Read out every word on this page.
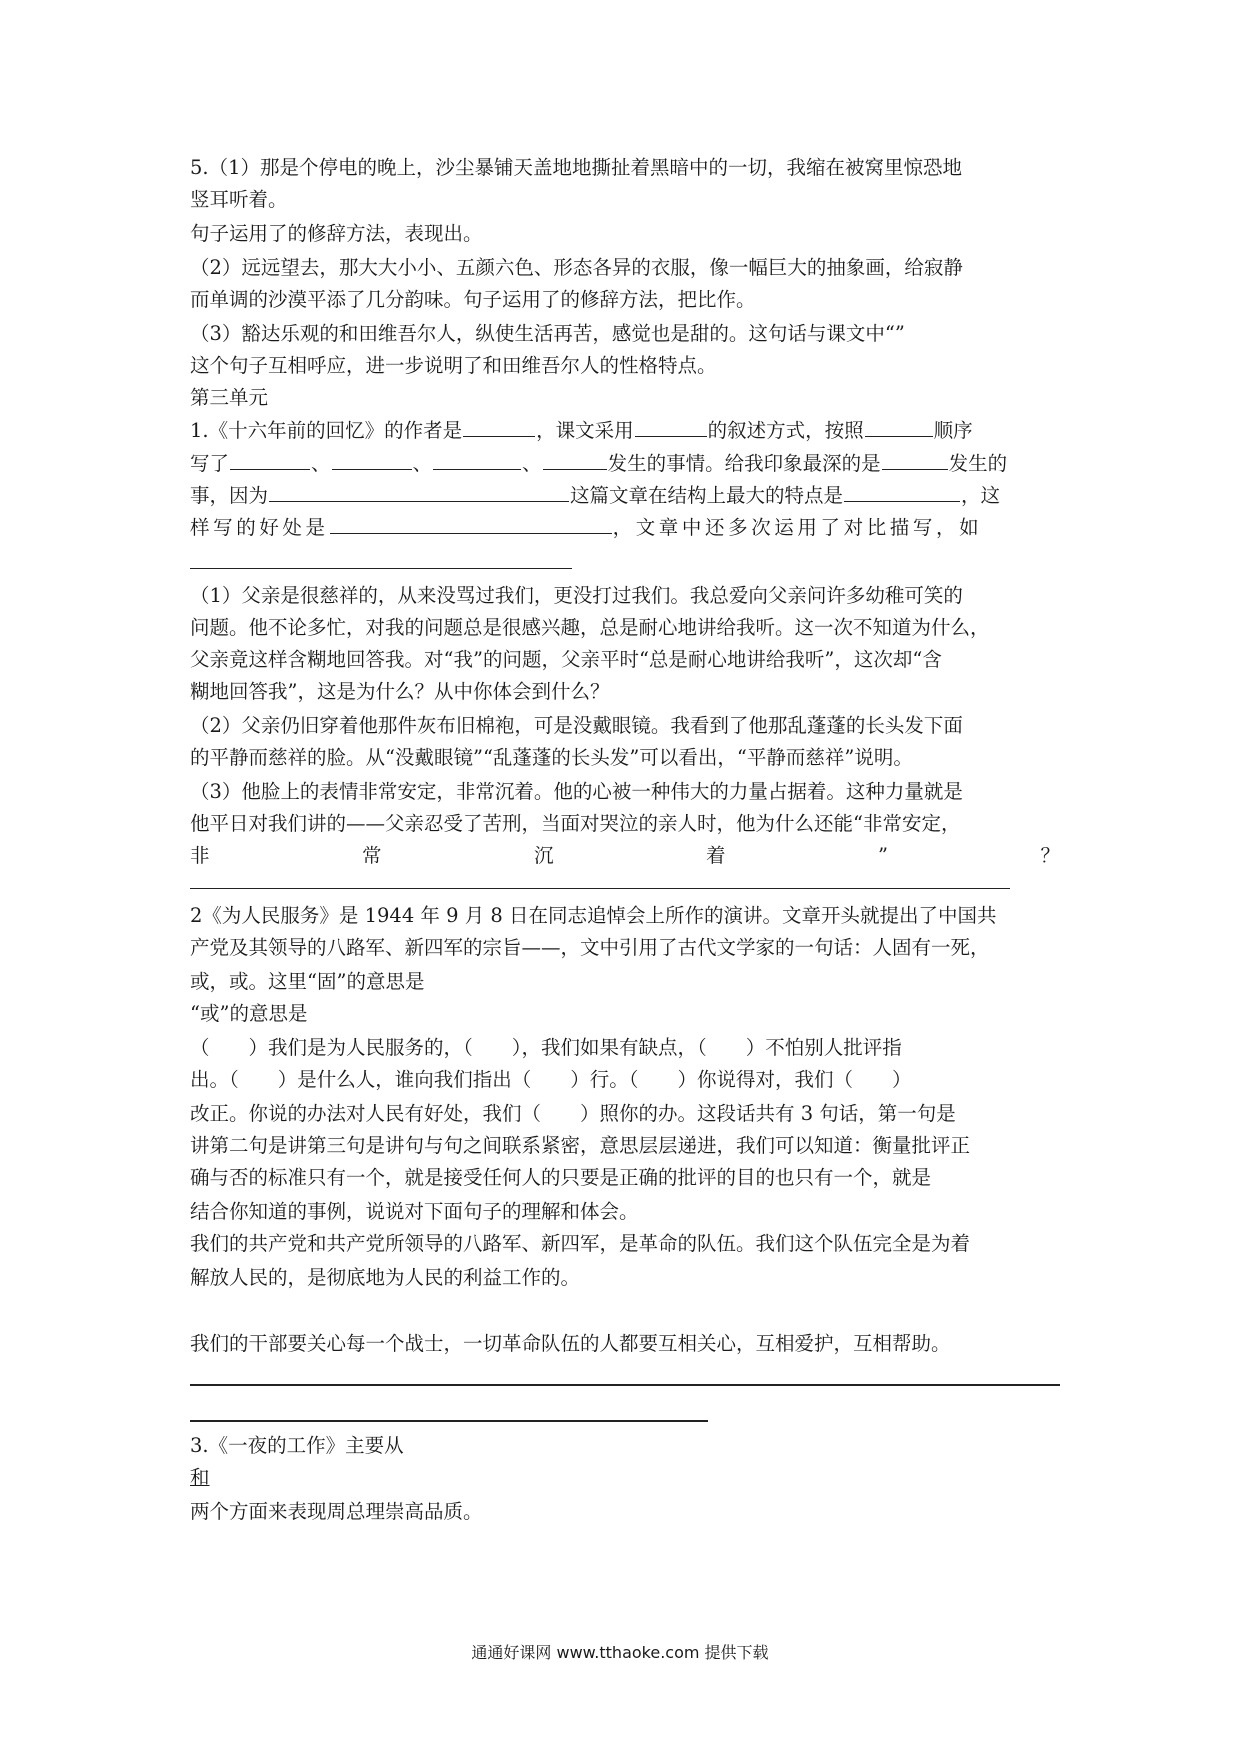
5.（1）那是个停电的晚上，沙尘暴铺天盖地地撕扯着黑暗中的一切，我缩在被窝里惊恐地
竖耳听着。
句子运用了的修辞方法，表现出。
（2）远远望去，那大大小小、五颜六色、形态各异的衣服，像一幅巨大的抽象画，给寂静
而单调的沙漠平添了几分韵味。句子运用了的修辞方法，把比作。
（3）豁达乐观的和田维吾尔人，纵使生活再苦，感觉也是甜的。这句话与课文中“”
这个句子互相呼应，进一步说明了和田维吾尔人的性格特点。
第三单元
1.《十六年前的回忆》的作者是	，课文采用	的叙述方式，按照	顺序
写了	、	、	、	发生的事情。给我印象最深的是	发生的
事，因为	这篇文章在结构上最大的特点是	，这
样写的好处是	，文章中还多次运用了对比描写，如
（1）父亲是很慈祥的，从来没骂过我们，更没打过我们。我总爱向父亲问许多幼稚可笑的
问题。他不论多忙，对我的问题总是很感兴趣，总是耐心地讲给我听。这一次不知道为什么，
父亲竟这样含糊地回答我。对“我”的问题，父亲平时“总是耐心地讲给我听”，这次却“含
糊地回答我”，这是为什么？从中你体会到什么？
（2）父亲仍旧穿着他那件灰布旧棉袍，可是没戴眼镜。我看到了他那乱蓬蓬的长头发下面
的平静而慈祥的脸。从“没戴眼镜”“乱蓬蓬的长头发”可以看出，“平静而慈祥”说明。
（3）他脸上的表情非常安定，非常沉着。他的心被一种伟大的力量占据着。这种力量就是
他平日对我们讲的——父亲忍受了苦刑，当面对哭泣的亲人时，他为什么还能“非常安定，
非常沉着”？
2《为人民服务》是 1944 年 9 月 8 日在同志追悼会上所作的演讲。文章开头就提出了中国共
产党及其领导的八路军、新四军的宗旨——，文中引用了古代文学家的一句话：人固有一死，
或，或。这里“固”的意思是
“或”的意思是
（　　）我们是为人民服务的，（　　），我们如果有缺点，（　　）不怕别人批评指
出。（　　）是什么人，谁向我们指出（　　）行。（　　）你说得对，我们（　　）
改正。你说的办法对人民有好处，我们（　　）照你的办。这段话共有 3 句话，第一句是
讲第二句是讲第三句是讲句与句之间联系紧密，意思层层递进，我们可以知道：衡量批评正
确与否的标准只有一个，就是接受任何人的只要是正确的批评的目的也只有一个，就是
结合你知道的事例，说说对下面句子的理解和体会。
我们的共产党和共产党所领导的八路军、新四军，是革命的队伍。我们这个队伍完全是为着
解放人民的，是彻底地为人民的利益工作的。
我们的干部要关心每一个战士，一切革命队伍的人都要互相关心，互相爱护，互相帮助。
3.《一夜的工作》主要从
和
两个方面来表现周总理崇高品质。
通通好课网 www.tthaoke.com 提供下载
